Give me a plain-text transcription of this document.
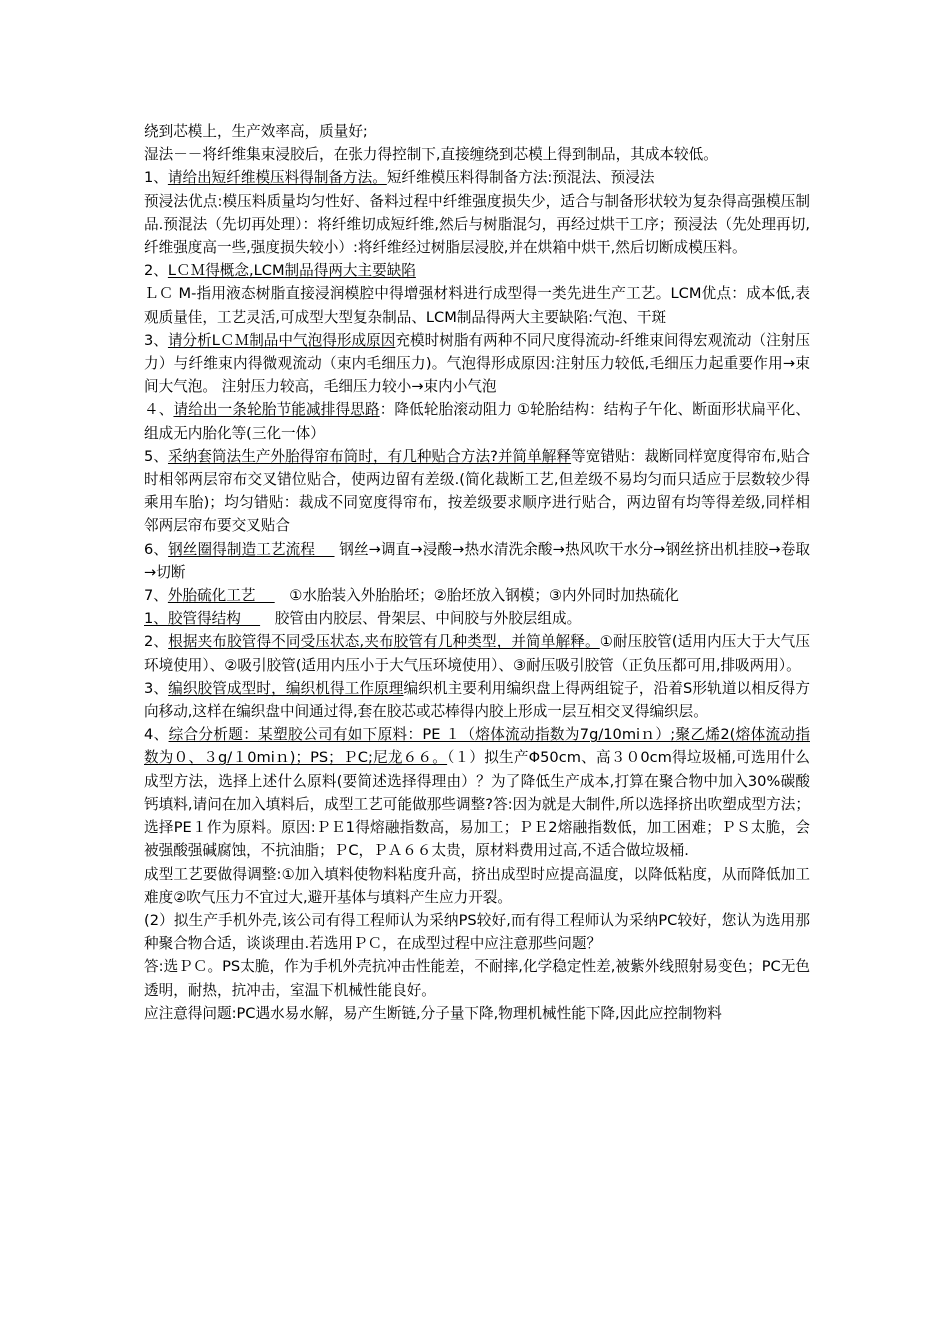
绕到芯模上，生产效率高，质量好;

湿法－－将纤维集束浸胶后，在张力得控制下,直接缠绕到芯模上得到制品，其成本较低。

1、请给出短纤维模压料得制备方法。短纤维模压料得制备方法:预混法、预浸法

预浸法优点:模压料质量均匀性好、备料过程中纤维强度损失少，适合与制备形状较为复杂得高强模压制品.预混法（先切再处理）：将纤维切成短纤维,然后与树脂混匀，再经过烘干工序；预浸法（先处理再切,纤维强度高一些,强度损失较小）:将纤维经过树脂层浸胶,并在烘箱中烘干,然后切断成模压料。

2、LＣＭ得概念,LCM制品得两大主要缺陷

ＬＣ M-指用液态树脂直接浸润模腔中得增强材料进行成型得一类先进生产工艺。LCM优点：成本低,表观质量佳，工艺灵活,可成型大型复杂制品、LCM制品得两大主要缺陷:气泡、干斑

3、请分析LＣＭ制品中气泡得形成原因充模时树脂有两种不同尺度得流动-纤维束间得宏观流动（注射压力）与纤维束内得微观流动（束内毛细压力)。气泡得形成原因:注射压力较低,毛细压力起重要作用→束间大气泡。 注射压力较高，毛细压力较小→束内小气泡

４、请给出一条轮胎节能减排得思路：降低轮胎滚动阻力 ①轮胎结构：结构子午化、断面形状扁平化、组成无内胎化等(三化一体）

5、采纳套筒法生产外胎得帘布筒时，有几种贴合方法?并简单解释等宽错贴：裁断同样宽度得帘布,贴合时相邻两层帘布交叉错位贴合，使两边留有差级.(简化裁断工艺,但差级不易均匀而只适应于层数较少得乘用车胎)；均匀错贴：裁成不同宽度得帘布，按差级要求顺序进行贴合，两边留有均等得差级,同样相邻两层帘布要交叉贴合

6、钢丝圈得制造工艺流程 　 钢丝→调直→浸酸→热水清洗余酸→热风吹干水分→钢丝挤出机挂胶→卷取→切断

7、外胎硫化工艺 　　①水胎装入外胎胎坯；②胎坯放入钢模；③内外同时加热硫化

1、胶管得结构 　　胶管由内胶层、骨架层、中间胶与外胶层组成。

2、根据夹布胶管得不同受压状态,夹布胶管有几种类型，并简单解释。①耐压胶管(适用内压大于大气压环境使用）、②吸引胶管(适用内压小于大气压环境使用）、③耐压吸引胶管（正负压都可用,排吸两用）。

3、编织胶管成型时，编织机得工作原理编织机主要利用编织盘上得两组锭子，沿着S形轨道以相反得方向移动,这样在编织盘中间通过得,套在胶芯或芯棒得内胶上形成一层互相交叉得编织层。

4、综合分析题：某塑胶公司有如下原料：PE １（熔体流动指数为7g/10miｎ）;聚乙烯2(熔体流动指数为０、３g/１0miｎ)；PS；ＰC;尼龙６６。（１）拟生产Φ50cm、高３０0cm得垃圾桶,可选用什么成型方法，选择上述什么原料(要简述选择得理由）？为了降低生产成本,打算在聚合物中加入30%碳酸钙填料,请问在加入填料后，成型工艺可能做那些调整?答:因为就是大制件,所以选择挤出吹塑成型方法；选择PE１作为原料。原因:ＰＥ1得熔融指数高，易加工；ＰＥ2熔融指数低，加工困难；ＰＳ太脆，会被强酸强碱腐蚀，不抗油脂；ＰC，ＰＡ６６太贵，原材料费用过高,不适合做垃圾桶.

成型工艺要做得调整:①加入填料使物料粘度升高，挤出成型时应提高温度，以降低粘度，从而降低加工难度②吹气压力不宜过大,避开基体与填料产生应力开裂。

(2）拟生产手机外壳,该公司有得工程师认为采纳PS较好,而有得工程师认为采纳PC较好，您认为选用那种聚合物合适，谈谈理由.若选用ＰＣ，在成型过程中应注意那些问题？

答:选ＰＣ。PS太脆，作为手机外壳抗冲击性能差，不耐摔,化学稳定性差,被紫外线照射易变色；PC无色透明，耐热，抗冲击，室温下机械性能良好。

应注意得问题:PC遇水易水解，易产生断链,分子量下降,物理机械性能下降,因此应控制物料
